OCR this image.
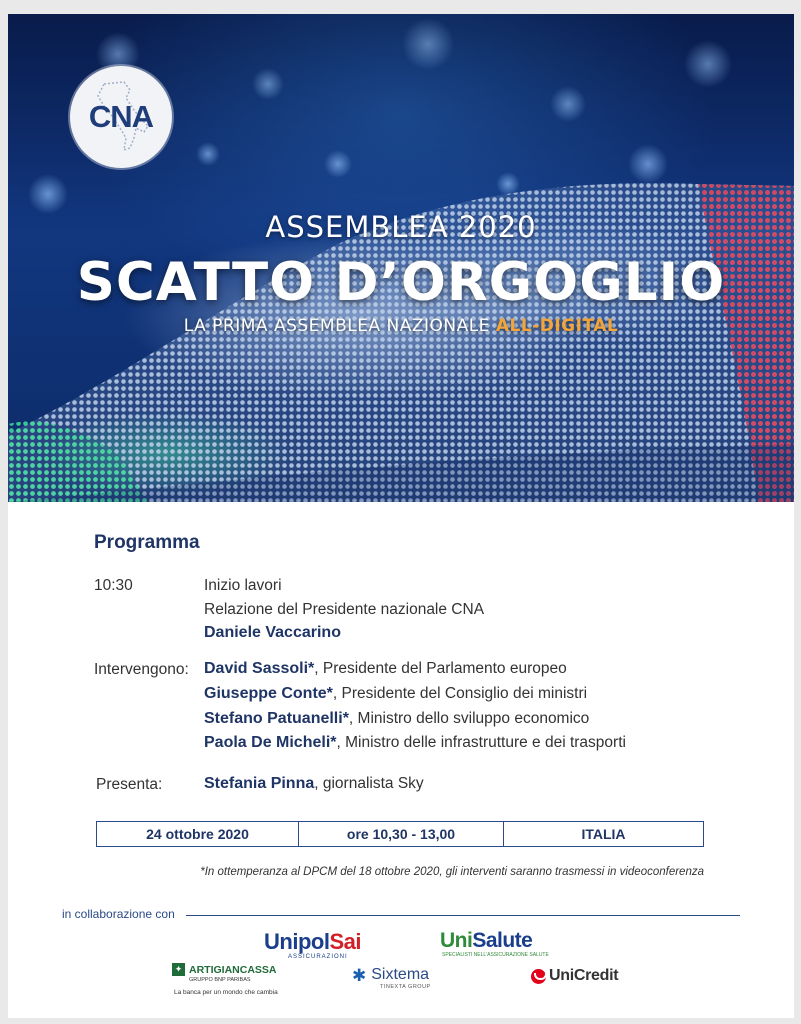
CNA
ASSEMBLEA 2020
SCATTO D’ORGOGLIO
LA PRIMA ASSEMBLEA NAZIONALE ALL-DIGITAL
Programma
10:30	Inizio lavori
Relazione del Presidente nazionale CNA
Daniele Vaccarino
Intervengono: David Sassoli*, Presidente del Parlamento europeo
Giuseppe Conte*, Presidente del Consiglio dei ministri
Stefano Patuanelli*, Ministro dello sviluppo economico
Paola De Micheli*, Ministro delle infrastrutture e dei trasporti
Presenta:	Stefania Pinna, giornalista Sky
24 ottobre 2020	ore 10,30 - 13,00	ITALIA
*In ottemperanza al DPCM del 18 ottobre 2020, gli interventi saranno trasmessi in videoconferenza
in collaborazione con
UnipolSai
ASSICURAZIONI
UniSalute
SPECIALISTI NELL'ASSICURAZIONE SALUTE
✦ ARTIGIANCASSA
GRUPPO BNP PARIBAS
La banca per un mondo che cambia
✱ Sixtema
TINEXTA GROUP
UniCredit
